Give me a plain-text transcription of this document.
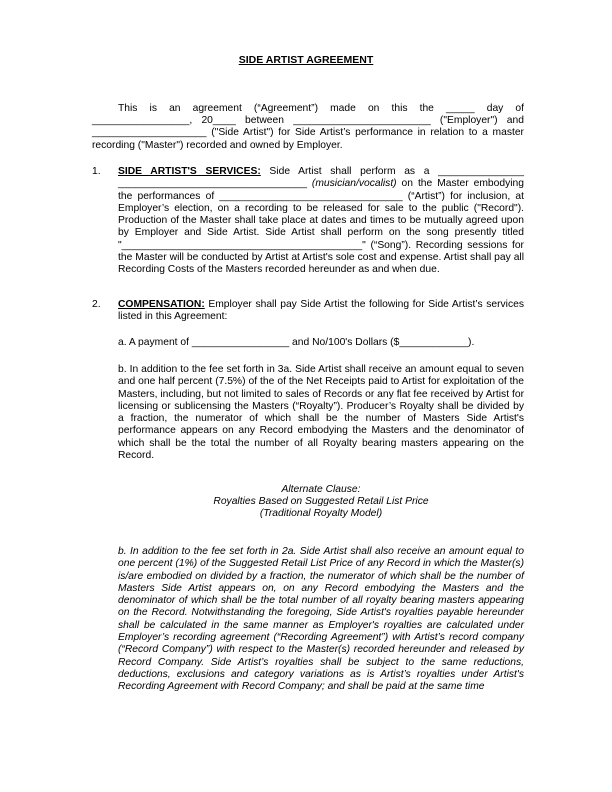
SIDE ARTIST AGREEMENT
This is an agreement (“Agreement”) made on this the _____ day of
_________________, 20____ between ________________________ ("Employer") and ____________________ ("Side Artist") for Side Artist’s performance in relation to a master recording ("Master") recorded and owned by Employer.
1. SIDE ARTIST'S SERVICES: Side Artist shall perform as a _______________ _________________________________ (musician/vocalist) on the Master embodying the performances of ________________________________ (“Artist”) for inclusion, at Employer’s election, on a recording to be released for sale to the public ("Record"). Production of the Master shall take place at dates and times to be mutually agreed upon by Employer and Side Artist. Side Artist shall perform on the song presently titled "__________________________________________" (“Song”). Recording sessions for the Master will be conducted by Artist at Artist's sole cost and expense. Artist shall pay all Recording Costs of the Masters recorded hereunder as and when due.
2. COMPENSATION: Employer shall pay Side Artist the following for Side Artist’s services listed in this Agreement:
a. A payment of _________________ and No/100's Dollars ($____________).
b. In addition to the fee set forth in 3a. Side Artist shall receive an amount equal to seven and one half percent (7.5%) of the of the Net Receipts paid to Artist for exploitation of the Masters, including, but not limited to sales of Records or any flat fee received by Artist for licensing or sublicensing the Masters (“Royalty”). Producer’s Royalty shall be divided by a fraction, the numerator of which shall be the number of Masters Side Artist's performance appears on any Record embodying the Masters and the denominator of which shall be the total the number of all Royalty bearing masters appearing on the Record.
Alternate Clause:
Royalties Based on Suggested Retail List Price
(Traditional Royalty Model)
b. In addition to the fee set forth in 2a. Side Artist shall also receive an amount equal to one percent (1%) of the Suggested Retail List Price of any Record in which the Master(s) is/are embodied on divided by a fraction, the numerator of which shall be the number of Masters Side Artist appears on, on any Record embodying the Masters and the denominator of which shall be the total number of all royalty bearing masters appearing on the Record. Notwithstanding the foregoing, Side Artist's royalties payable hereunder shall be calculated in the same manner as Employer's royalties are calculated under Employer’s recording agreement (“Recording Agreement”) with Artist’s record company (“Record Company”) with respect to the Master(s) recorded hereunder and released by Record Company. Side Artist’s royalties shall be subject to the same reductions, deductions, exclusions and category variations as is Artist’s royalties under Artist's Recording Agreement with Record Company; and shall be paid at the same time
